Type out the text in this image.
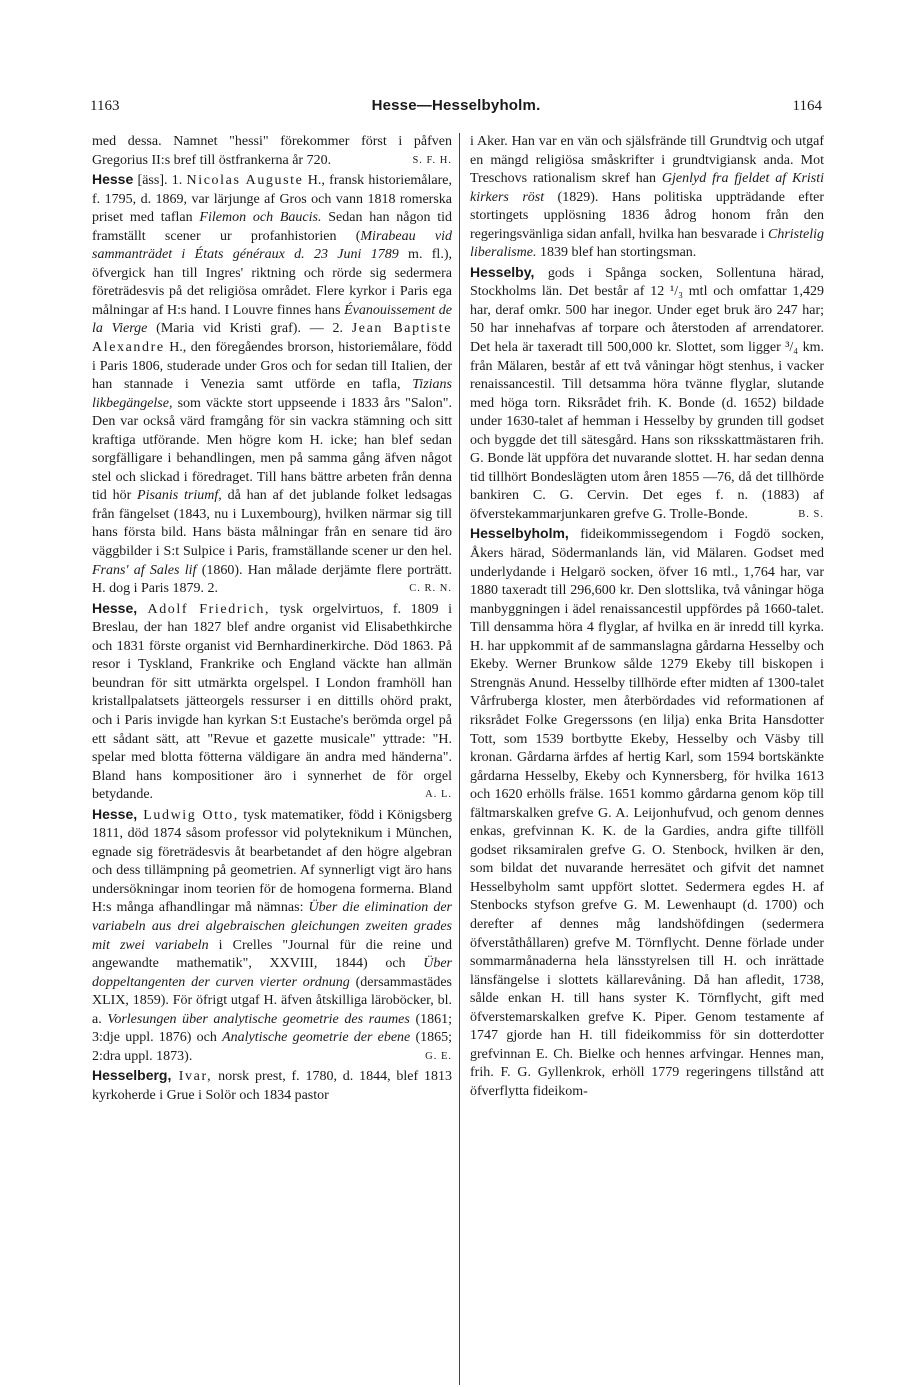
1163	Hesse—Hesselbyholm.	1164

med dessa. Namnet "hessi" förekommer först i påfven Gregorius II:s bref till östfrankerna år 720.	S. F. H.

Hesse [äss]. 1. Nicolas Auguste H., fransk historiemålare, f. 1795, d. 1869, var lärjunge af Gros och vann 1818 romerska priset med taflan Filemon och Baucis. Sedan han någon tid framställt scener ur profanhistorien (Mirabeau vid sammanträdet i États généraux d. 23 Juni 1789 m. fl.), öfvergick han till Ingres' riktning och rörde sig sedermera företrädesvis på det religiösa området. Flere kyrkor i Paris ega målningar af H:s hand. I Louvre finnes hans Évanouissement de la Vierge (Maria vid Kristi graf). — 2. Jean Baptiste Alexandre H., den föregåendes brorson, historiemålare, född i Paris 1806, studerade under Gros och for sedan till Italien, der han stannade i Venezia samt utförde en tafla, Tizians likbegängelse, som väckte stort uppseende i 1833 års "Salon". Den var också värd framgång för sin vackra stämning och sitt kraftiga utförande. Men högre kom H. icke; han blef sedan sorgfälligare i behandlingen, men på samma gång äfven något stel och slickad i föredraget. Till hans bättre arbeten från denna tid hör Pisanis triumf, då han af det jublande folket ledsagas från fängelset (1843, nu i Luxembourg), hvilken närmar sig till hans första bild. Hans bästa målningar från en senare tid äro väggbilder i S:t Sulpice i Paris, framställande scener ur den hel. Frans' af Sales lif (1860). Han målade derjämte flere porträtt. H. dog i Paris 1879. 2.	C. R. N.

Hesse, Adolf Friedrich, tysk orgelvirtuos, f. 1809 i Breslau, der han 1827 blef andre organist vid Elisabethkirche och 1831 förste organist vid Bernhardinerkirche. Död 1863. På resor i Tyskland, Frankrike och England väckte han allmän beundran för sitt utmärkta orgelspel. I London framhöll han kristallpalatsets jätteorgels ressurser i en dittills ohörd prakt, och i Paris invigde han kyrkan S:t Eustache's berömda orgel på ett sådant sätt, att "Revue et gazette musicale" yttrade: "H. spelar med blotta fötterna väldigare än andra med händerna". Bland hans kompositioner äro i synnerhet de för orgel betydande.	A. L.

Hesse, Ludwig Otto, tysk matematiker, född i Königsberg 1811, död 1874 såsom professor vid polyteknikum i München, egnade sig företrädesvis åt bearbetandet af den högre algebran och dess tillämpning på geometrien. Af synnerligt vigt äro hans undersökningar inom teorien för de homogena formerna. Bland H:s många afhandlingar må nämnas: Über die elimination der variabeln aus drei algebraischen gleichungen zweiten grades mit zwei variabeln i Crelles "Journal für die reine und angewandte mathematik", XXVIII, 1844) och Über doppeltangenten der curven vierter ordnung (dersammastädes XLIX, 1859). För öfrigt utgaf H. äfven åtskilliga läroböcker, bl. a. Vorlesungen über analytische geometrie des raumes (1861; 3:dje uppl. 1876) och Analytische geometrie der ebene (1865; 2:dra uppl. 1873).	G. E.

Hesselberg, Ivar, norsk prest, f. 1780, d. 1844, blef 1813 kyrkoherde i Grue i Solör och 1834 pastor

i Aker. Han var en vän och själsfrände till Grundtvig och utgaf en mängd religiösa småskrifter i grundtvigiansk anda. Mot Treschovs rationalism skref han Gjenlyd fra fjeldet af Kristi kirkers röst (1829). Hans politiska uppträdande efter stortingets upplösning 1836 ådrog honom från den regeringsvänliga sidan anfall, hvilka han besvarade i Christelig liberalisme. 1839 blef han stortingsman.

Hesselby, gods i Spånga socken, Sollentuna härad, Stockholms län. Det består af 12 ¹/₃ mtl och omfattar 1,429 har, deraf omkr. 500 har inegor. Under eget bruk äro 247 har; 50 har innehafvas af torpare och återstoden af arrendatorer. Det hela är taxeradt till 500,000 kr. Slottet, som ligger ³/₄ km. från Mälaren, består af ett två våningar högt stenhus, i vacker renaissancestil. Till detsamma höra tvänne flyglar, slutande med höga torn. Riksrådet frih. K. Bonde (d. 1652) bildade under 1630-talet af hemman i Hesselby by grunden till godset och byggde det till sätesgård. Hans son riksskattmästaren frih. G. Bonde lät uppföra det nuvarande slottet. H. har sedan denna tid tillhört Bondeslägten utom åren 1855 —76, då det tillhörde bankiren C. G. Cervin. Det eges f. n. (1883) af öfverstekammarjunkaren grefve G. Trolle-Bonde.	B. S.

Hesselbyholm, fideikommissegendom i Fogdö socken, Åkers härad, Södermanlands län, vid Mälaren. Godset med underlydande i Helgarö socken, öfver 16 mtl., 1,764 har, var 1880 taxeradt till 296,600 kr. Den slottslika, två våningar höga manbyggningen i ädel renaissancestil uppfördes på 1660-talet. Till densamma höra 4 flyglar, af hvilka en är inredd till kyrka. H. har uppkommit af de sammanslagna gårdarna Hesselby och Ekeby. Werner Brunkow sålde 1279 Ekeby till biskopen i Strengnäs Anund. Hesselby tillhörde efter midten af 1300-talet Vårfruberga kloster, men återbördades vid reformationen af riksrådet Folke Gregerssons (en lilja) enka Brita Hansdotter Tott, som 1539 bortbytte Ekeby, Hesselby och Väsby till kronan. Gårdarna ärfdes af hertig Karl, som 1594 bortskänkte gårdarna Hesselby, Ekeby och Kynnersberg, för hvilka 1613 och 1620 erhölls frälse. 1651 kommo gårdarna genom köp till fältmarskalken grefve G. A. Leijonhufvud, och genom dennes enkas, grefvinnan K. K. de la Gardies, andra gifte tillföll godset riksamiralen grefve G. O. Stenbock, hvilken är den, som bildat det nuvarande herresätet och gifvit det namnet Hesselbyholm samt uppfört slottet. Sedermera egdes H. af Stenbocks styfson grefve G. M. Lewenhaupt (d. 1700) och derefter af dennes måg landshöfdingen (sedermera öfverståthållaren) grefve M. Törnflycht. Denne förlade under sommarmånaderna hela länsstyrelsen till H. och inrättade länsfängelse i slottets källarevåning. Då han afledit, 1738, sålde enkan H. till hans syster K. Törnflycht, gift med öfverstemarskalken grefve K. Piper. Genom testamente af 1747 gjorde han H. till fideikommiss för sin dotterdotter grefvinnan E. Ch. Bielke och hennes arfvingar. Hennes man, frih. F. G. Gyllenkrok, erhöll 1779 regeringens tillstånd att öfverflytta fideikom-
